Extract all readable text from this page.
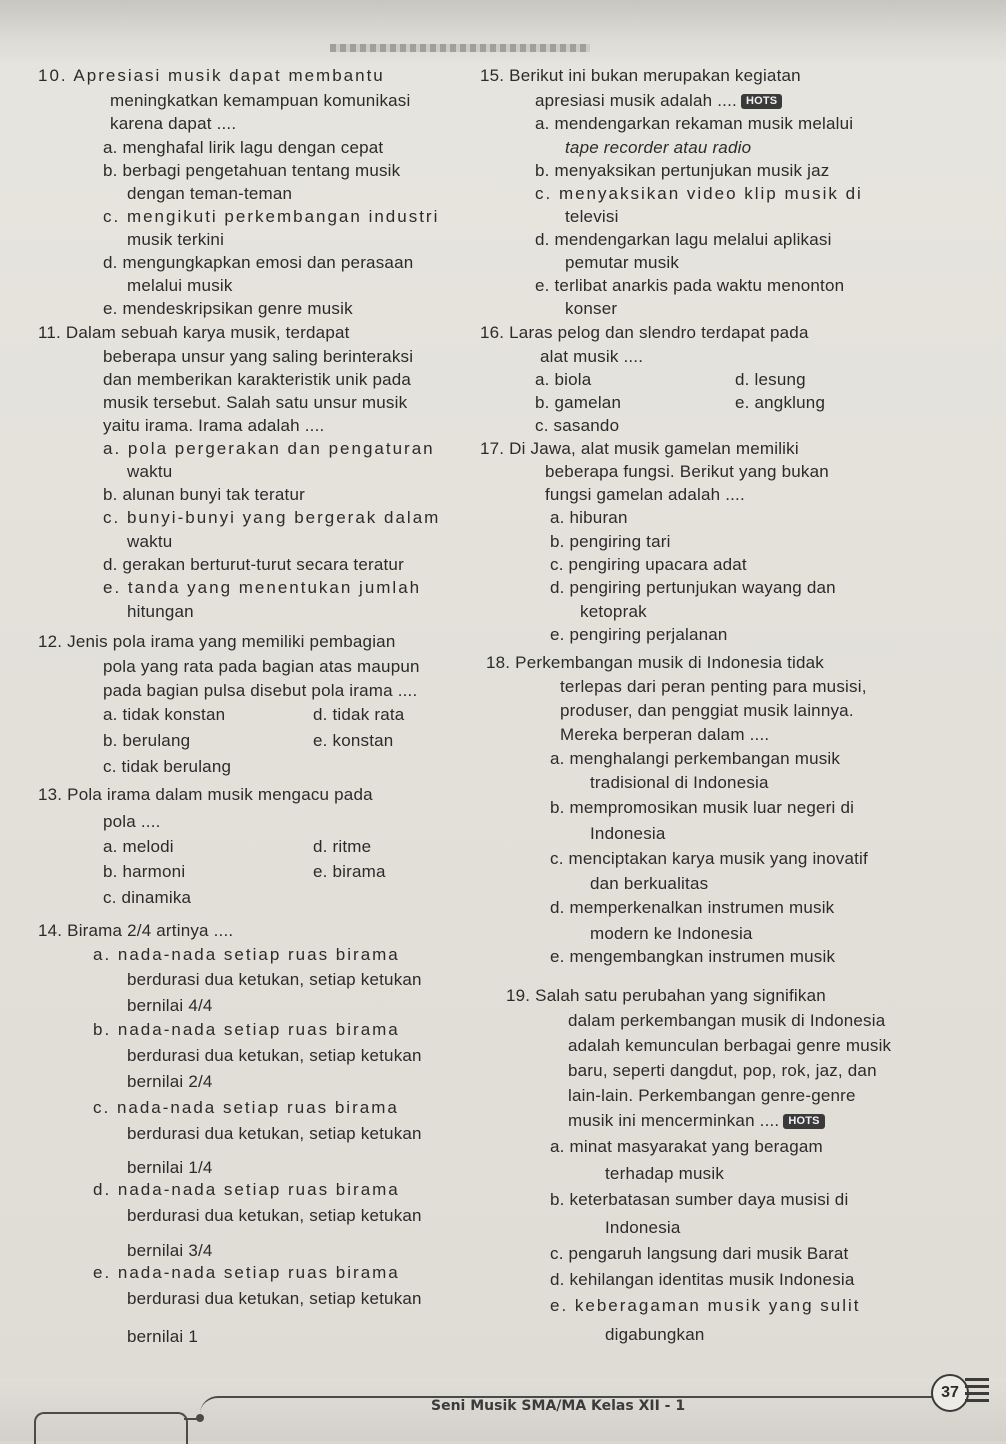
10. Apresiasi musik dapat membantu
meningkatkan kemampuan komunikasi
karena dapat ....
a. menghafal lirik lagu dengan cepat
b. berbagi pengetahuan tentang musik
dengan teman-teman
c. mengikuti perkembangan industri
musik terkini
d. mengungkapkan emosi dan perasaan
melalui musik
e. mendeskripsikan genre musik
11. Dalam sebuah karya musik, terdapat
beberapa unsur yang saling berinteraksi
dan memberikan karakteristik unik pada
musik tersebut. Salah satu unsur musik
yaitu irama. Irama adalah ....
a. pola pergerakan dan pengaturan
waktu
b. alunan bunyi tak teratur
c. bunyi-bunyi yang bergerak dalam
waktu
d. gerakan berturut-turut secara teratur
e. tanda yang menentukan jumlah
hitungan
12. Jenis pola irama yang memiliki pembagian
pola yang rata pada bagian atas maupun
pada bagian pulsa disebut pola irama ....
a. tidak konstan	d. tidak rata
b. berulang	e. konstan
c. tidak berulang
13. Pola irama dalam musik mengacu pada
pola ....
a. melodi	d. ritme
b. harmoni	e. birama
c. dinamika
14. Birama 2/4 artinya ....
a. nada-nada setiap ruas birama
berdurasi dua ketukan, setiap ketukan
bernilai 4/4
b. nada-nada setiap ruas birama
berdurasi dua ketukan, setiap ketukan
bernilai 2/4
c. nada-nada setiap ruas birama
berdurasi dua ketukan, setiap ketukan
bernilai 1/4
d. nada-nada setiap ruas birama
berdurasi dua ketukan, setiap ketukan
bernilai 3/4
e. nada-nada setiap ruas birama
berdurasi dua ketukan, setiap ketukan
bernilai 1
15. Berikut ini bukan merupakan kegiatan
apresiasi musik adalah .... HOTS
a. mendengarkan rekaman musik melalui
tape recorder atau radio
b. menyaksikan pertunjukan musik jaz
c. menyaksikan video klip musik di
televisi
d. mendengarkan lagu melalui aplikasi
pemutar musik
e. terlibat anarkis pada waktu menonton
konser
16. Laras pelog dan slendro terdapat pada
alat musik ....
a. biola	d. lesung
b. gamelan	e. angklung
c. sasando
17. Di Jawa, alat musik gamelan memiliki
beberapa fungsi. Berikut yang bukan
fungsi gamelan adalah ....
a. hiburan
b. pengiring tari
c. pengiring upacara adat
d. pengiring pertunjukan wayang dan
ketoprak
e. pengiring perjalanan
18. Perkembangan musik di Indonesia tidak
terlepas dari peran penting para musisi,
produser, dan penggiat musik lainnya.
Mereka berperan dalam ....
a. menghalangi perkembangan musik
tradisional di Indonesia
b. mempromosikan musik luar negeri di
Indonesia
c. menciptakan karya musik yang inovatif
dan berkualitas
d. memperkenalkan instrumen musik
modern ke Indonesia
e. mengembangkan instrumen musik
19. Salah satu perubahan yang signifikan
dalam perkembangan musik di Indonesia
adalah kemunculan berbagai genre musik
baru, seperti dangdut, pop, rok, jaz, dan
lain-lain. Perkembangan genre-genre
musik ini mencerminkan .... HOTS
a. minat masyarakat yang beragam
terhadap musik
b. keterbatasan sumber daya musisi di
Indonesia
c. pengaruh langsung dari musik Barat
d. kehilangan identitas musik Indonesia
e. keberagaman musik yang sulit
digabungkan
Seni Musik SMA/MA Kelas XII - 1
37
